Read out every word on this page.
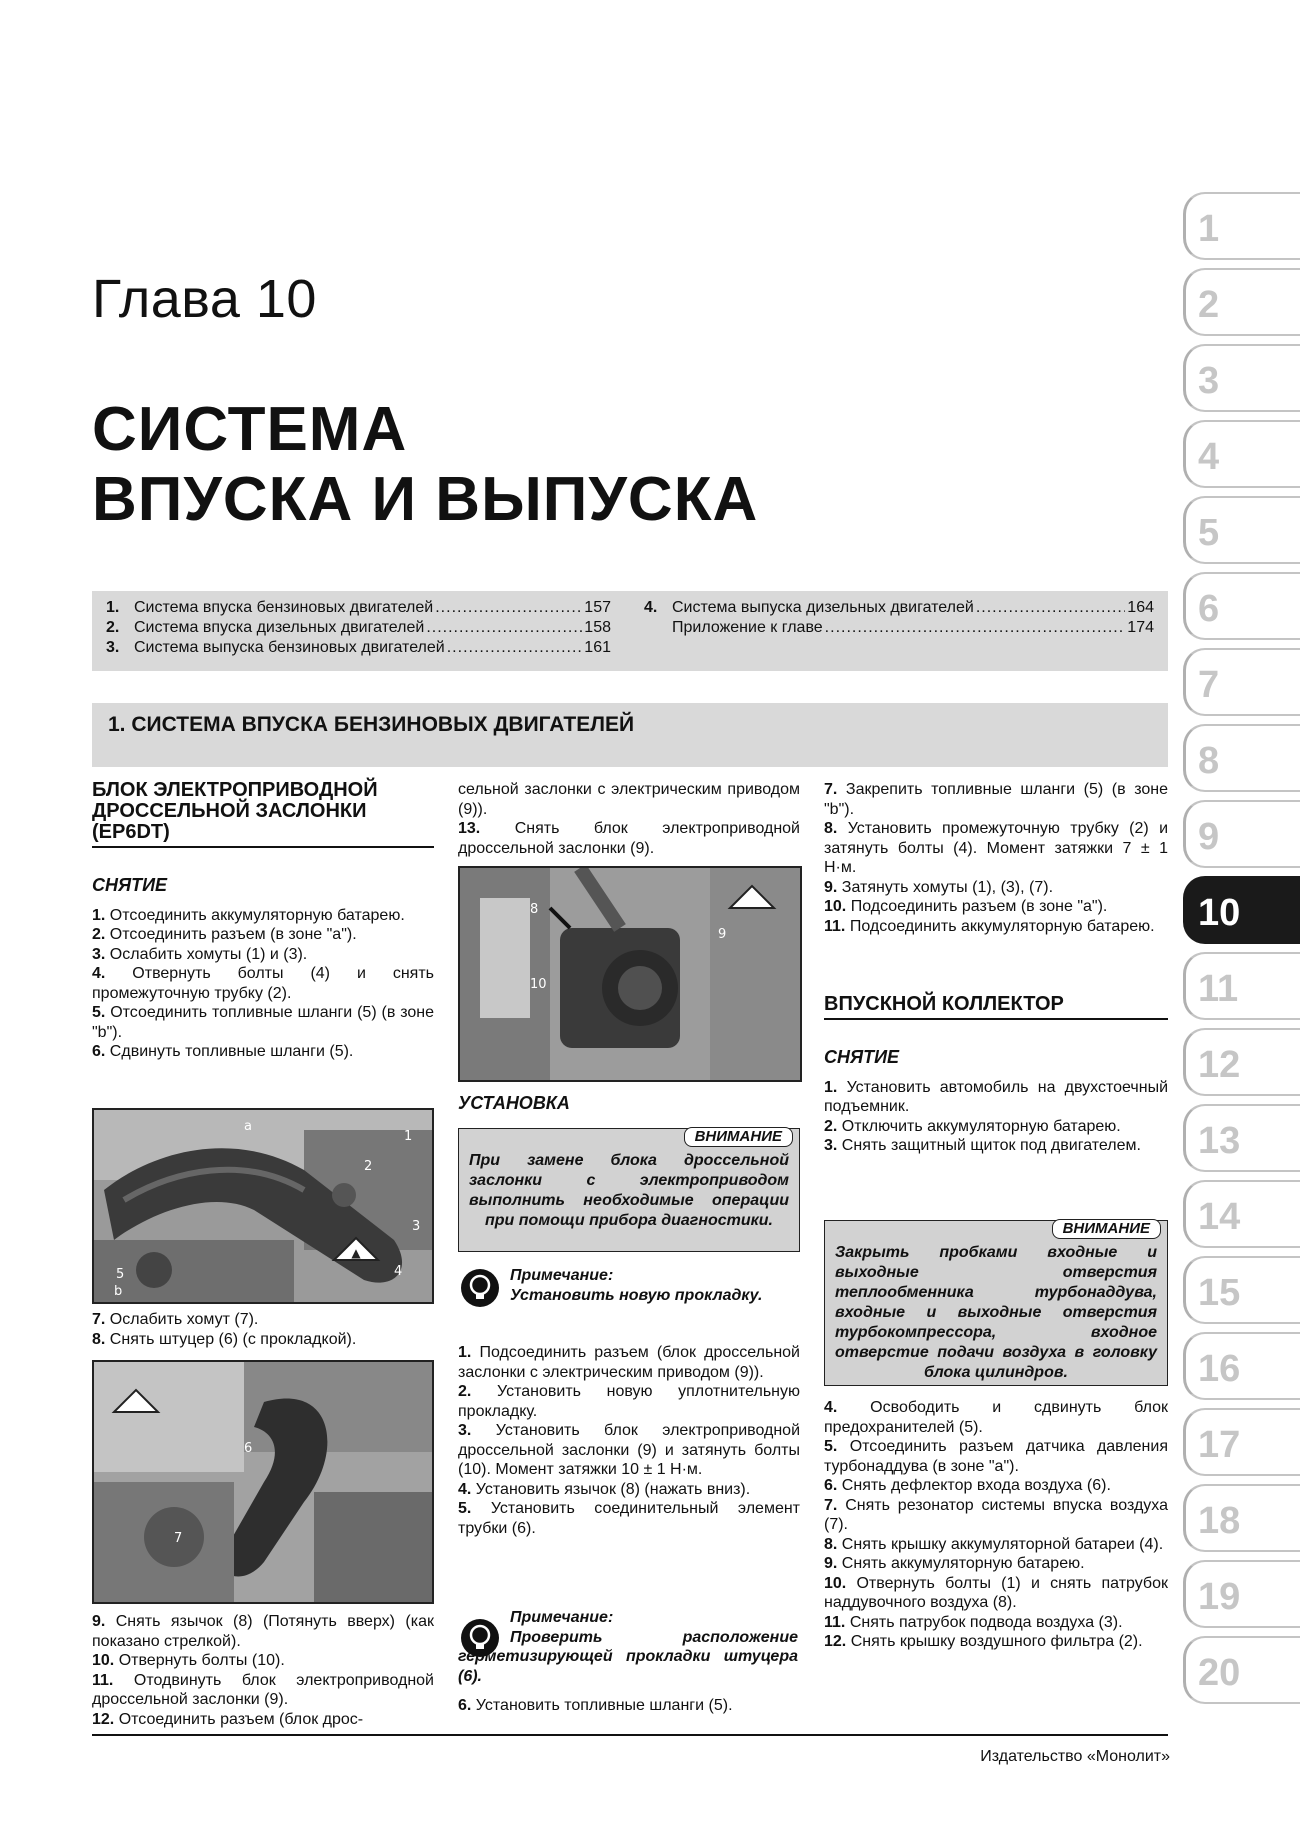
Глава 10
СИСТЕМА
ВПУСКА И ВЫПУСКА
1. Система впуска бензиновых двигателей .....	157
2. Система впуска дизельных двигателей .....	158
3. Система выпуска бензиновых двигателей .....	161
4. Система выпуска дизельных двигателей .....	164
Приложение к главе .....	174
1. СИСТЕМА ВПУСКА БЕНЗИНОВЫХ ДВИГАТЕЛЕЙ
БЛОК ЭЛЕКТРОПРИВОДНОЙ ДРОССЕЛЬНОЙ ЗАСЛОНКИ (EP6DT)
СНЯТИЕ

1. Отсоединить аккумуляторную батарею.

2. Отсоединить разъем (в зоне "a").

3. Ослабить хомуты (1) и (3).

4. Отвернуть болты (4) и снять промежуточную трубку (2).

5. Отсоединить топливные шланги (5) (в зоне "b").

6. Сдвинуть топливные шланги (5).

▲
a
1
2
3
4
5
b

7. Ослабить хомут (7).

8. Снять штуцер (6) (с прокладкой).

6
7

9. Снять язычок (8) (Потянуть вверх) (как показано стрелкой).

10. Отвернуть болты (10).

11. Отодвинуть блок электроприводной дроссельной заслонки (9).

12. Отсоединить разъем (блок дрос-

сельной заслонки с электрическим приводом (9)).

13. Снять блок электроприводной дроссельной заслонки (9).

8
9
10
УСТАНОВКА
ВНИМАНИЕ
При замене блока дроссельной заслонки с электроприводом выполнить необходимые операции при помощи прибора диагностики.
Примечание:
Установить новую прокладку.

1. Подсоединить разъем (блок дроссельной заслонки с электрическим приводом (9)).

2. Установить новую уплотнительную прокладку.

3. Установить блок электроприводной дроссельной заслонки (9) и затянуть болты (10). Момент затяжки 10 ± 1 Н·м.

4. Установить язычок (8) (нажать вниз).

5. Установить соединительный элемент трубки (6).

Примечание:
Проверить расположение герметизирующей прокладки штуцера (6).

6. Установить топливные шланги (5).

7. Закрепить топливные шланги (5) (в зоне "b").

8. Установить промежуточную трубку (2) и затянуть болты (4). Момент затяжки 7 ± 1 Н·м.

9. Затянуть хомуты (1), (3), (7).

10. Подсоединить разъем (в зоне "a").

11. Подсоединить аккумуляторную батарею.

ВПУСКНОЙ КОЛЛЕКТОР
СНЯТИЕ

1. Установить автомобиль на двухстоечный подъемник.

2. Отключить аккумуляторную батарею.

3. Снять защитный щиток под двигателем.

ВНИМАНИЕ
Закрыть пробками входные и выходные отверстия теплообменника турбонаддува, входные и выходные отверстия турбокомпрессора, входное отверстие подачи воздуха в головку блока цилиндров.

4. Освободить и сдвинуть блок предохранителей (5).

5. Отсоединить разъем датчика давления турбонаддува (в зоне "a").

6. Снять дефлектор входа воздуха (6).

7. Снять резонатор системы впуска воздуха (7).

8. Снять крышку аккумуляторной батареи (4).

9. Снять аккумуляторную батарею.

10. Отвернуть болты (1) и снять патрубок наддувочного воздуха (8).

11. Снять патрубок подвода воздуха (3).

12. Снять крышку воздушного фильтра (2).

1
2
3
4
5
6
7
8
9
10
11
12
13
14
15
16
17
18
19
20
Издательство «Монолит»
